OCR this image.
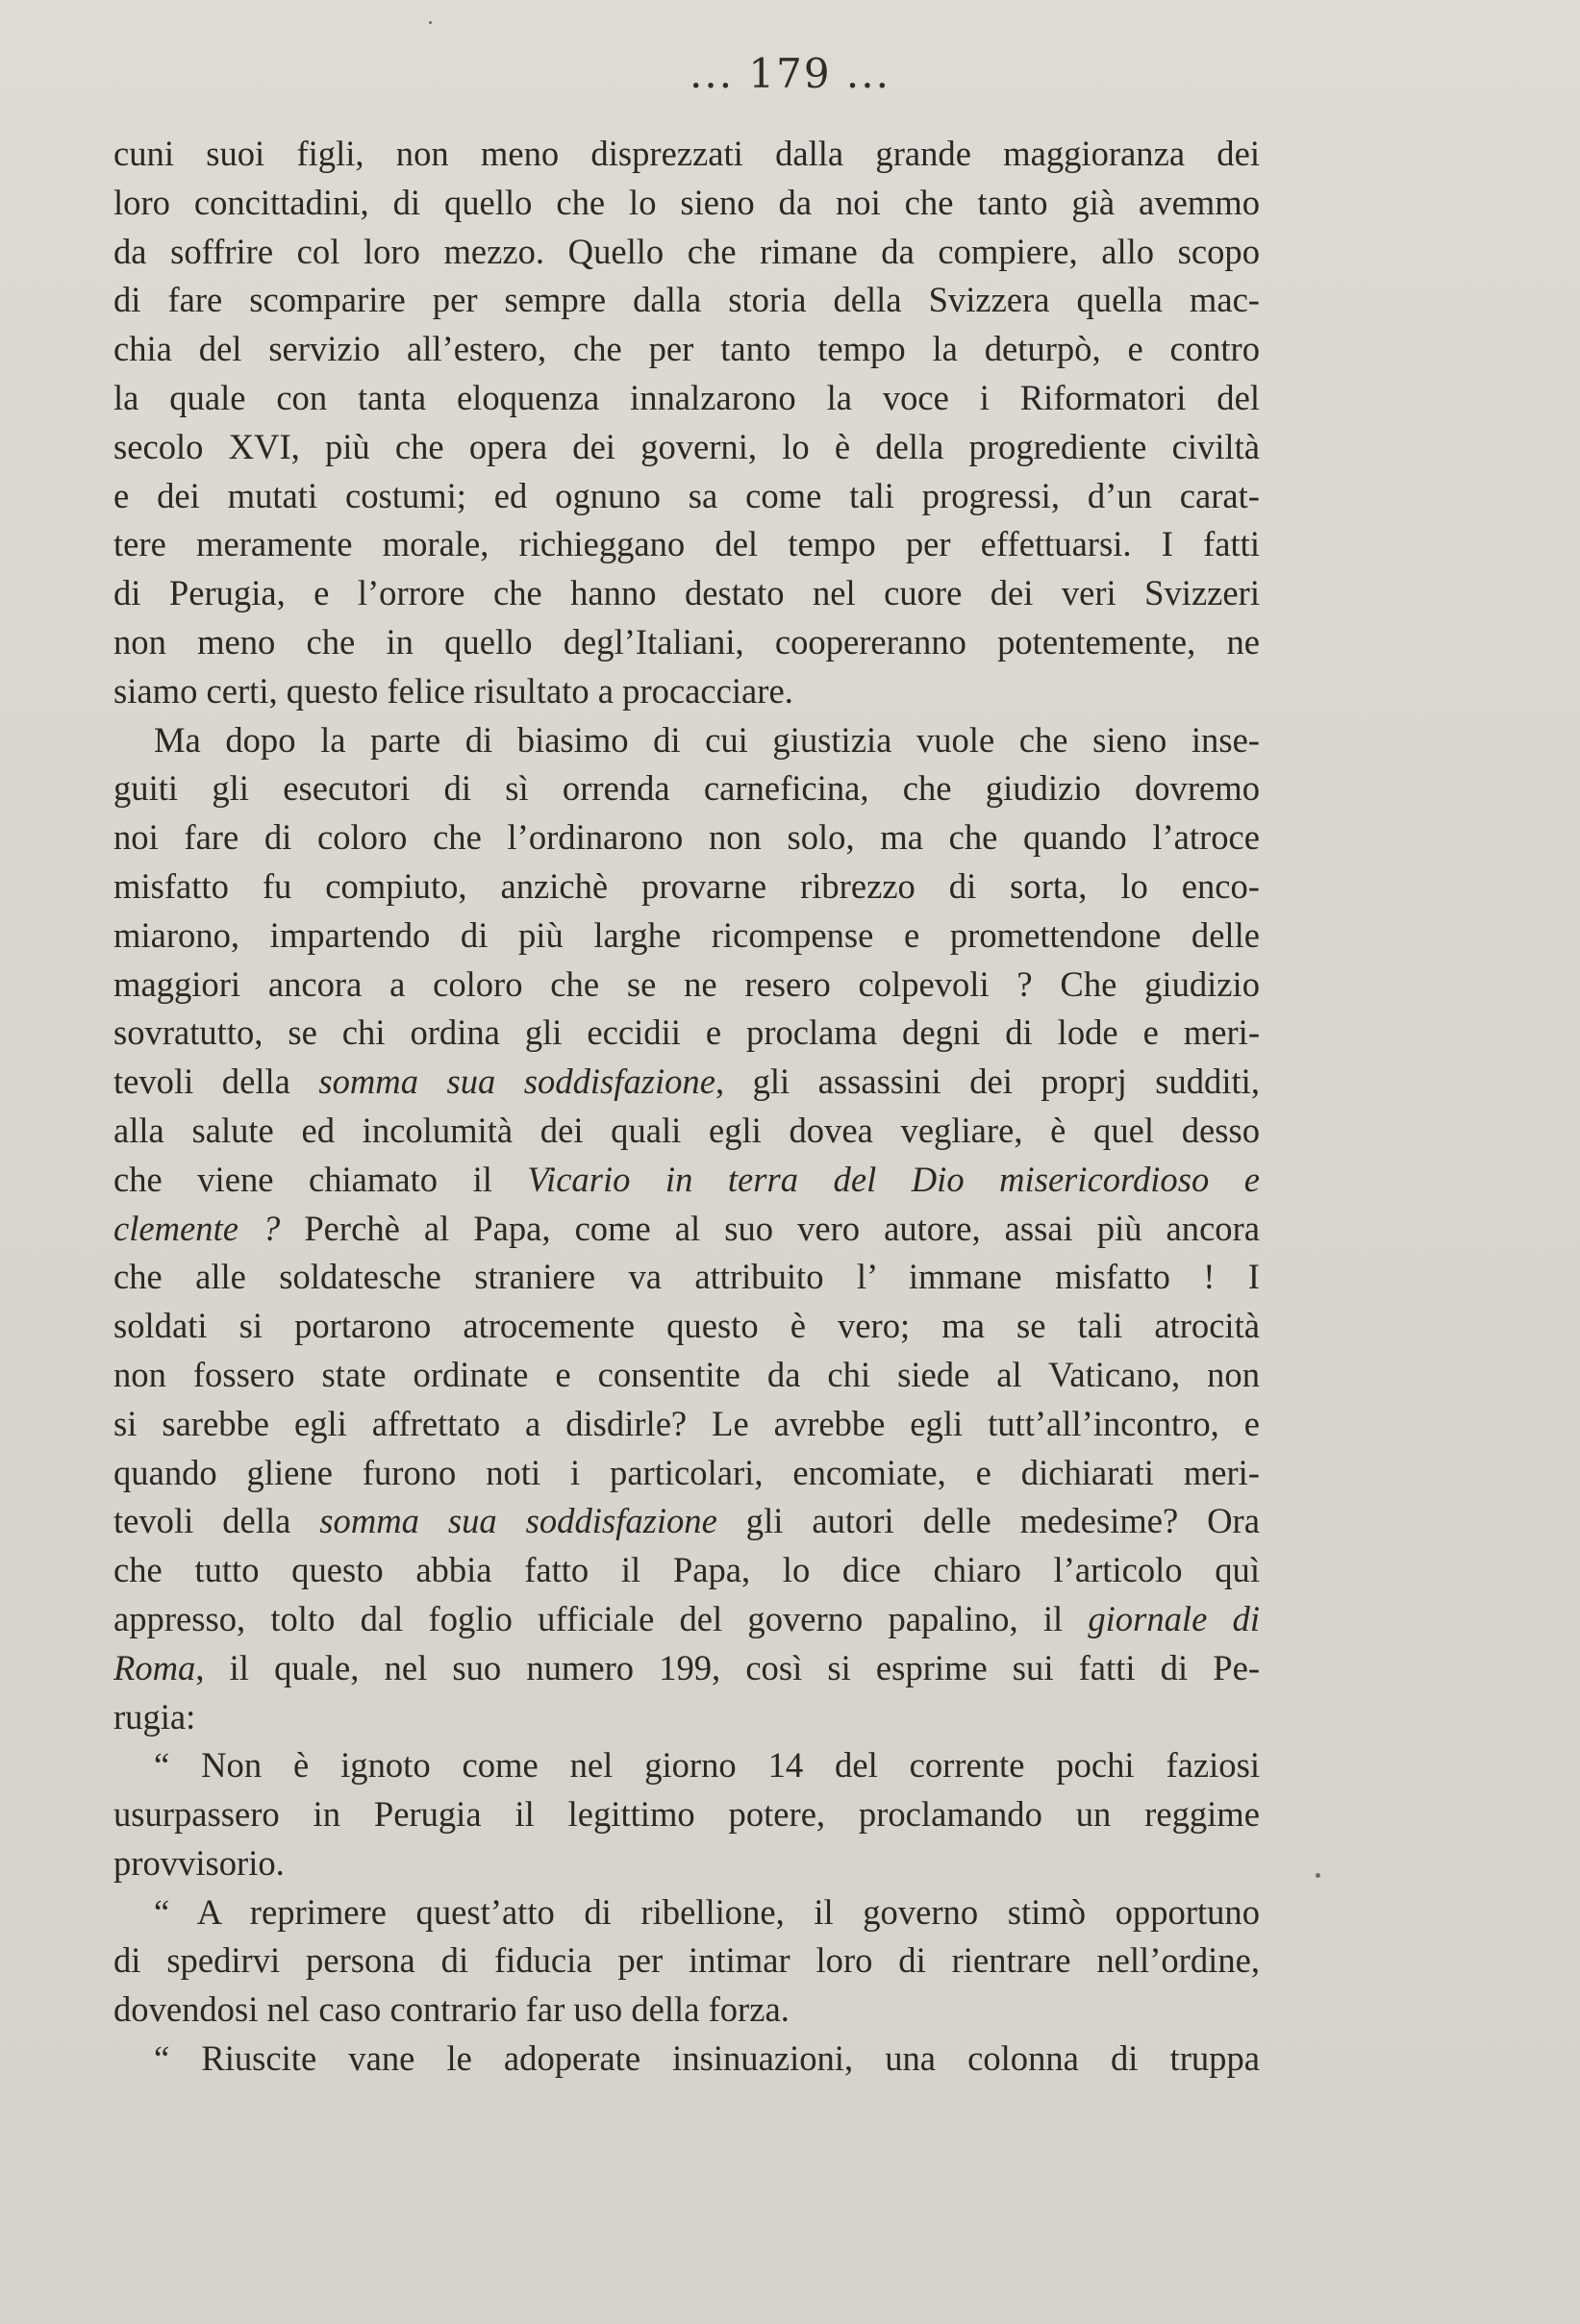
... 179 ...
cuni suoi figli, non meno disprezzati dalla grande maggioranza dei
loro concittadini, di quello che lo sieno da noi che tanto già avemmo
da soffrire col loro mezzo. Quello che rimane da compiere, allo scopo
di fare scomparire per sempre dalla storia della Svizzera quella mac-
chia del servizio all’estero, che per tanto tempo la deturpò, e contro
la quale con tanta eloquenza innalzarono la voce i Riformatori del
secolo XVI, più che opera dei governi, lo è della progrediente civiltà
e dei mutati costumi; ed ognuno sa come tali progressi, d’un carat-
tere meramente morale, richieggano del tempo per effettuarsi. I fatti
di Perugia, e l’orrore che hanno destato nel cuore dei veri Svizzeri
non meno che in quello degl’Italiani, coopereranno potentemente, ne
siamo certi, questo felice risultato a procacciare.
Ma dopo la parte di biasimo di cui giustizia vuole che sieno inse-
guiti gli esecutori di sì orrenda carneficina, che giudizio dovremo
noi fare di coloro che l’ordinarono non solo, ma che quando l’atroce
misfatto fu compiuto, anzichè provarne ribrezzo di sorta, lo enco-
miarono, impartendo di più larghe ricompense e promettendone delle
maggiori ancora a coloro che se ne resero colpevoli ? Che giudizio
sovratutto, se chi ordina gli eccidii e proclama degni di lode e meri-
tevoli della somma sua soddisfazione, gli assassini dei proprj sudditi,
alla salute ed incolumità dei quali egli dovea vegliare, è quel desso
che viene chiamato il Vicario in terra del Dio misericordioso e
clemente ? Perchè al Papa, come al suo vero autore, assai più ancora
che alle soldatesche straniere va attribuito l’ immane misfatto ! I
soldati si portarono atrocemente questo è vero; ma se tali atrocità
non fossero state ordinate e consentite da chi siede al Vaticano, non
si sarebbe egli affrettato a disdirle? Le avrebbe egli tutt’all’incontro, e
quando gliene furono noti i particolari, encomiate, e dichiarati meri-
tevoli della somma sua soddisfazione gli autori delle medesime? Ora
che tutto questo abbia fatto il Papa, lo dice chiaro l’articolo quì
appresso, tolto dal foglio ufficiale del governo papalino, il giornale di
Roma, il quale, nel suo numero 199, così si esprime sui fatti di Pe-
rugia:
“ Non è ignoto come nel giorno 14 del corrente pochi faziosi
usurpassero in Perugia il legittimo potere, proclamando un reggime
provvisorio.
“ A reprimere quest’atto di ribellione, il governo stimò opportuno
di spedirvi persona di fiducia per intimar loro di rientrare nell’ordine,
dovendosi nel caso contrario far uso della forza.
“ Riuscite vane le adoperate insinuazioni, una colonna di truppa
